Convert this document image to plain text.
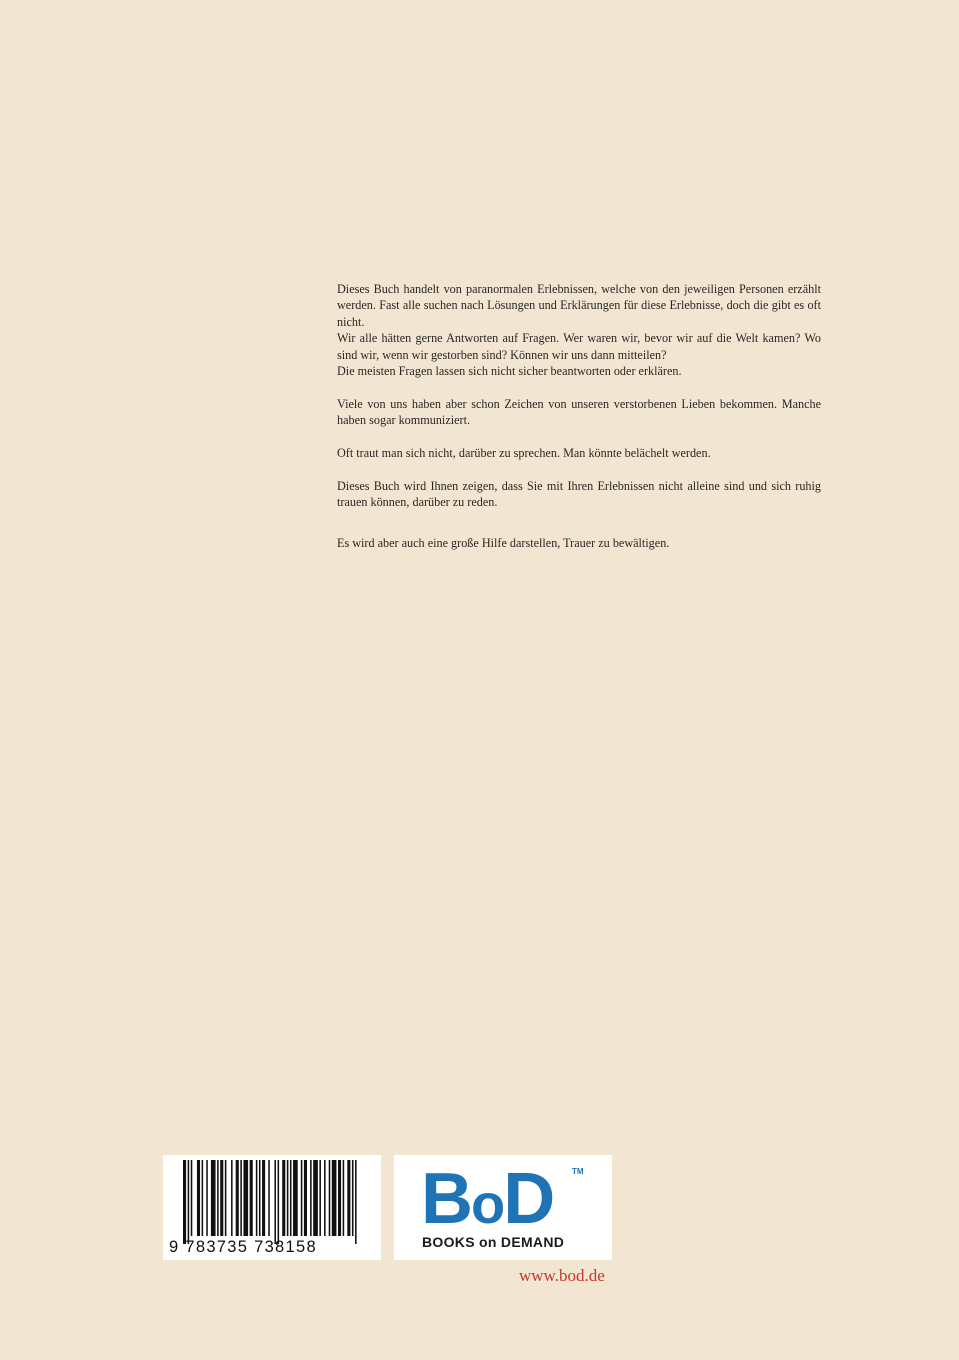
Dieses Buch handelt von paranormalen Erlebnissen, welche von den jeweiligen Personen erzählt werden. Fast alle suchen nach Lösungen und Erklärungen für diese Erlebnisse, doch die gibt es oft nicht.

Wir alle hätten gerne Antworten auf Fragen. Wer waren wir, bevor wir auf die Welt kamen? Wo sind wir, wenn wir gestorben sind? Können wir uns dann mitteilen?

Die meisten Fragen lassen sich nicht sicher beantworten oder erklären.

Viele von uns haben aber schon Zeichen von unseren verstorbenen Lieben bekommen. Manche haben sogar kommuniziert.

Oft traut man sich nicht, darüber zu sprechen. Man könnte belächelt werden.

Dieses Buch wird Ihnen zeigen, dass Sie mit Ihren Erlebnissen nicht alleine sind und sich ruhig trauen können, darüber zu reden.

Es wird aber auch eine große Hilfe darstellen, Trauer zu bewältigen.

9 783735 738158
BoD TM
BOOKS on DEMAND
www.bod.de
